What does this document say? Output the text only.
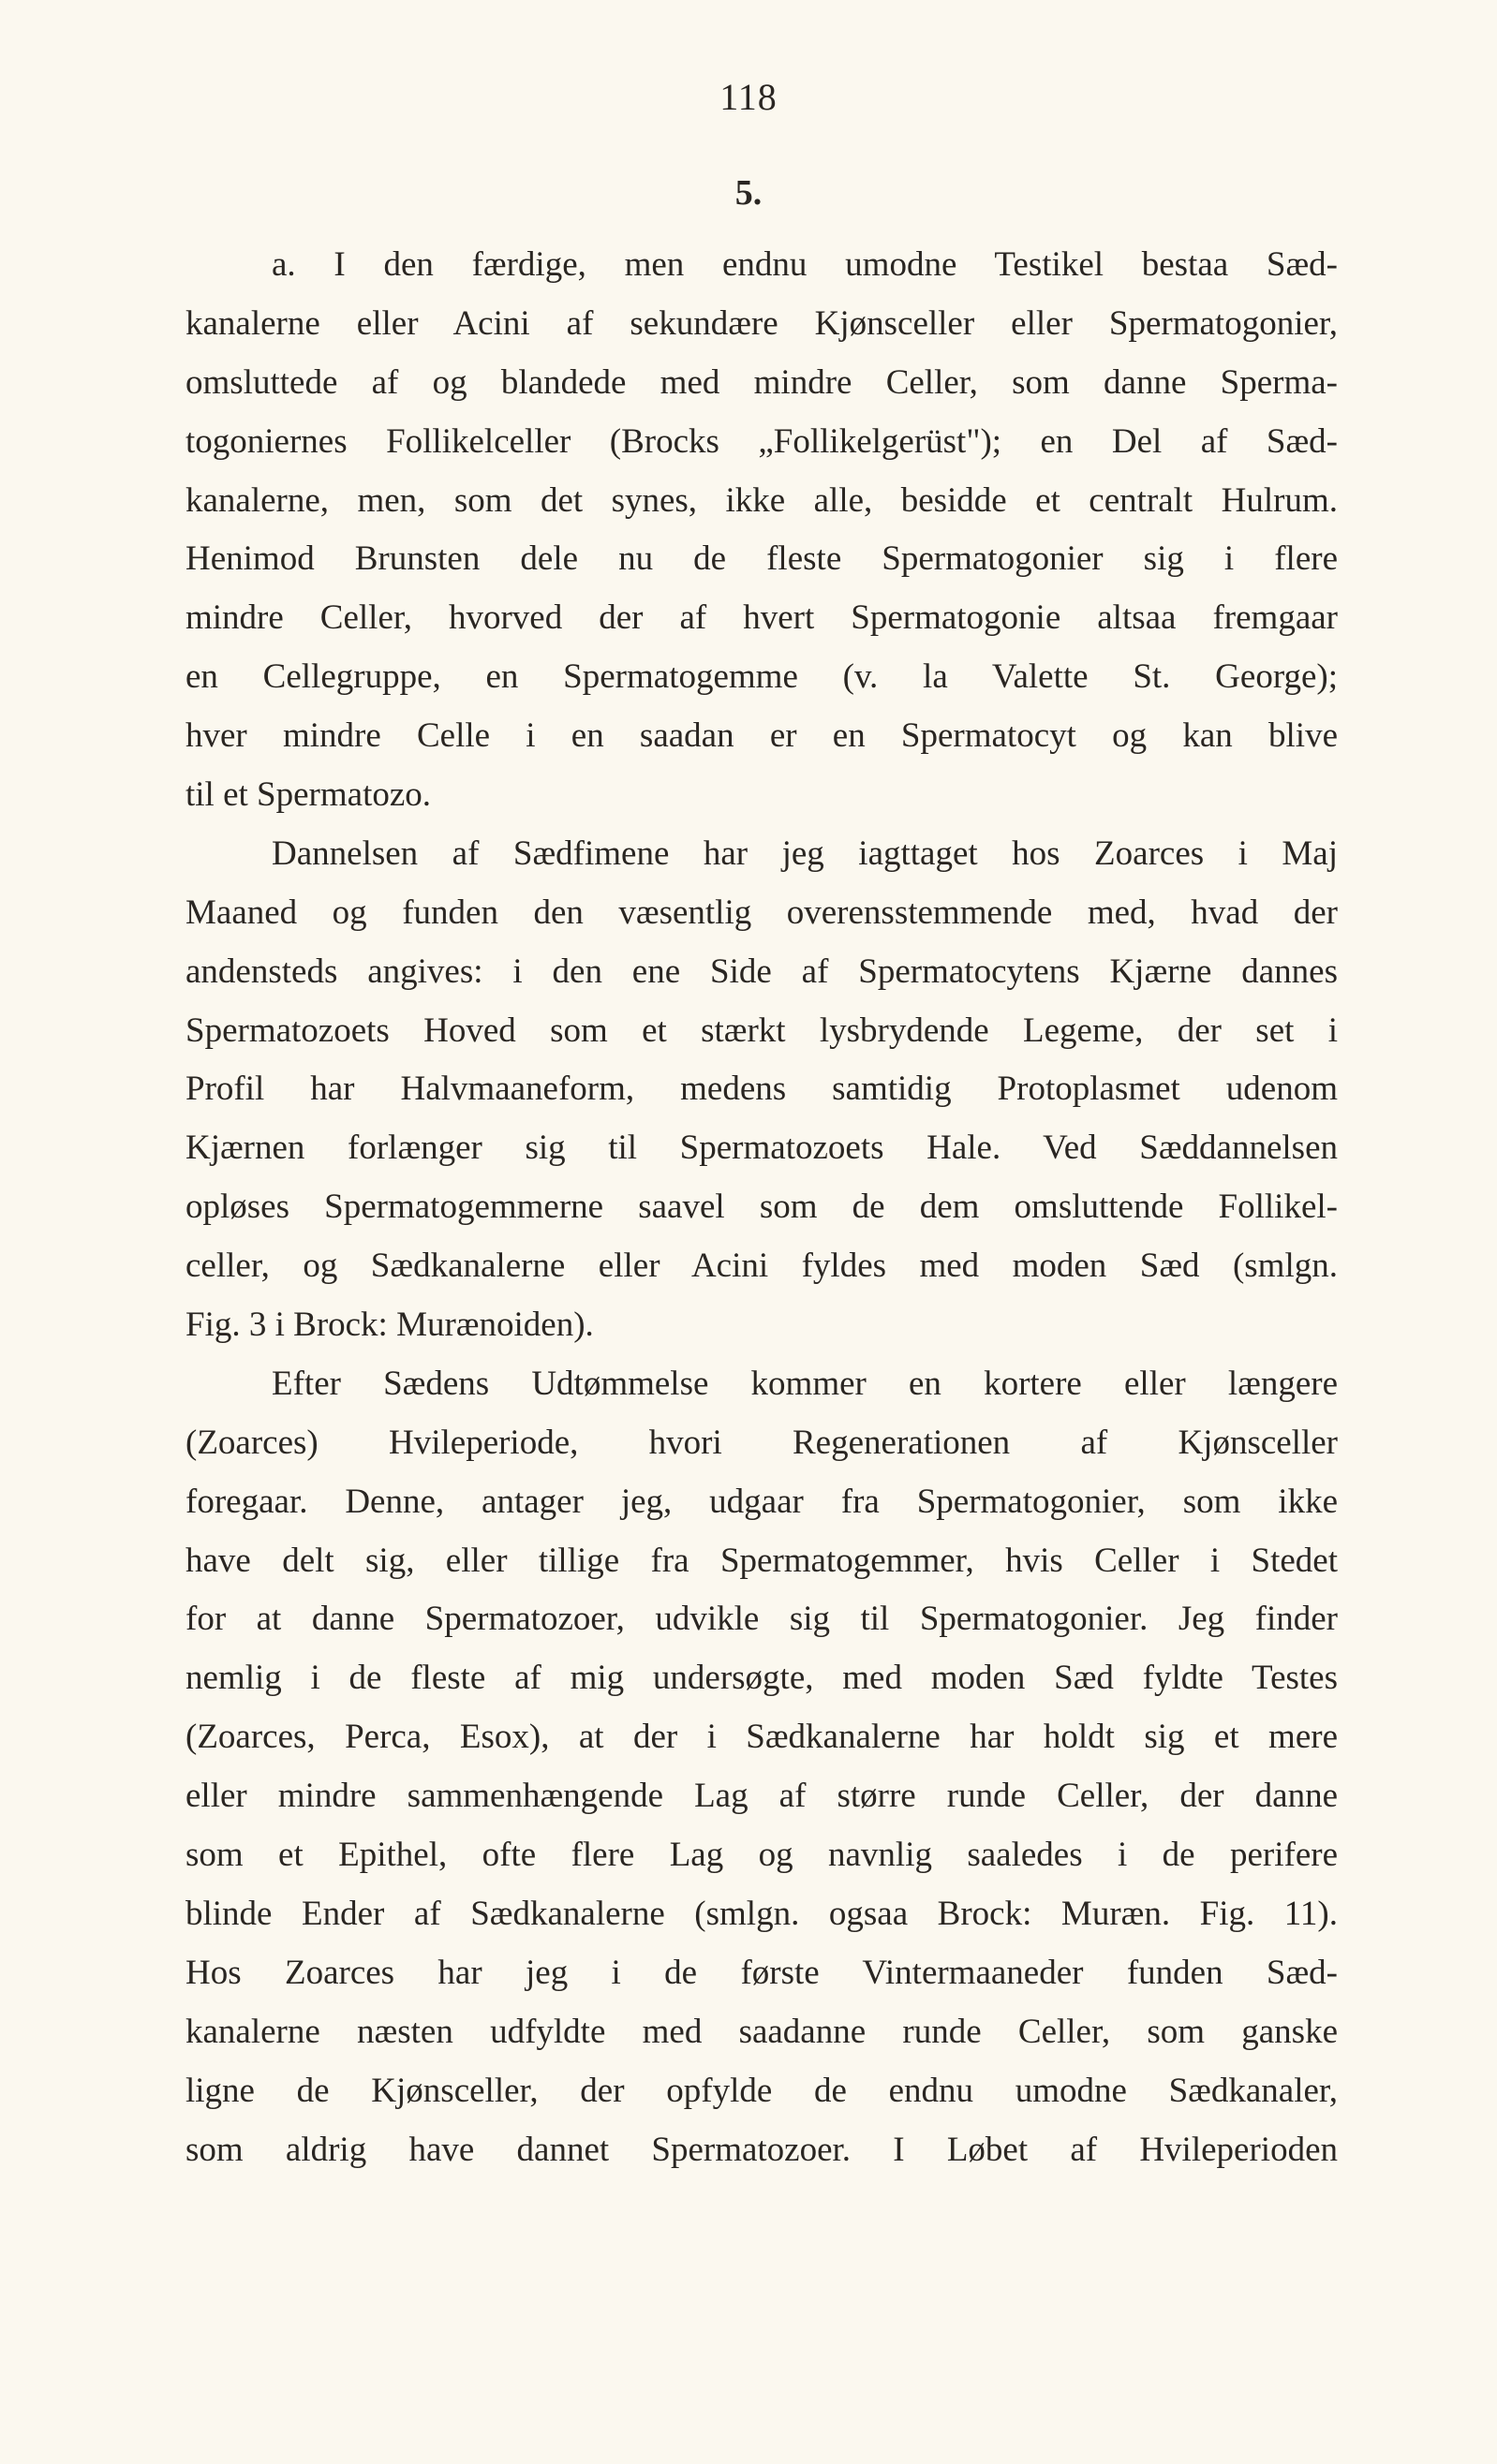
118
5.
a. I den færdige, men endnu umodne Testikel bestaa Sæd-
kanalerne eller Acini af sekundære Kjønsceller eller Spermatogonier,
omsluttede af og blandede med mindre Celler, som danne Sperma-
togoniernes Follikelceller (Brocks „Follikelgerüst"); en Del af Sæd-
kanalerne, men, som det synes, ikke alle, besidde et centralt Hulrum.
Henimod Brunsten dele nu de fleste Spermatogonier sig i flere
mindre Celler, hvorved der af hvert Spermatogonie altsaa fremgaar
en Cellegruppe, en Spermatogemme (v. la Valette St. George);
hver mindre Celle i en saadan er en Spermatocyt og kan blive
til et Spermatozo.
Dannelsen af Sædfimene har jeg iagttaget hos Zoarces i Maj
Maaned og funden den væsentlig overensstemmende med, hvad der
andensteds angives: i den ene Side af Spermatocytens Kjærne dannes
Spermatozoets Hoved som et stærkt lysbrydende Legeme, der set i
Profil har Halvmaaneform, medens samtidig Protoplasmet udenom
Kjærnen forlænger sig til Spermatozoets Hale. Ved Sæddannelsen
opløses Spermatogemmerne saavel som de dem omsluttende Follikel-
celler, og Sædkanalerne eller Acini fyldes med moden Sæd (smlgn.
Fig. 3 i Brock: Murænoiden).
Efter Sædens Udtømmelse kommer en kortere eller længere
(Zoarces) Hvileperiode, hvori Regenerationen af Kjønsceller
foregaar. Denne, antager jeg, udgaar fra Spermatogonier, som ikke
have delt sig, eller tillige fra Spermatogemmer, hvis Celler i Stedet
for at danne Spermatozoer, udvikle sig til Spermatogonier. Jeg finder
nemlig i de fleste af mig undersøgte, med moden Sæd fyldte Testes
(Zoarces, Perca, Esox), at der i Sædkanalerne har holdt sig et mere
eller mindre sammenhængende Lag af større runde Celler, der danne
som et Epithel, ofte flere Lag og navnlig saaledes i de perifere
blinde Ender af Sædkanalerne (smlgn. ogsaa Brock: Muræn. Fig. 11).
Hos Zoarces har jeg i de første Vintermaaneder funden Sæd-
kanalerne næsten udfyldte med saadanne runde Celler, som ganske
ligne de Kjønsceller, der opfylde de endnu umodne Sædkanaler,
som aldrig have dannet Spermatozoer. I Løbet af Hvileperioden
